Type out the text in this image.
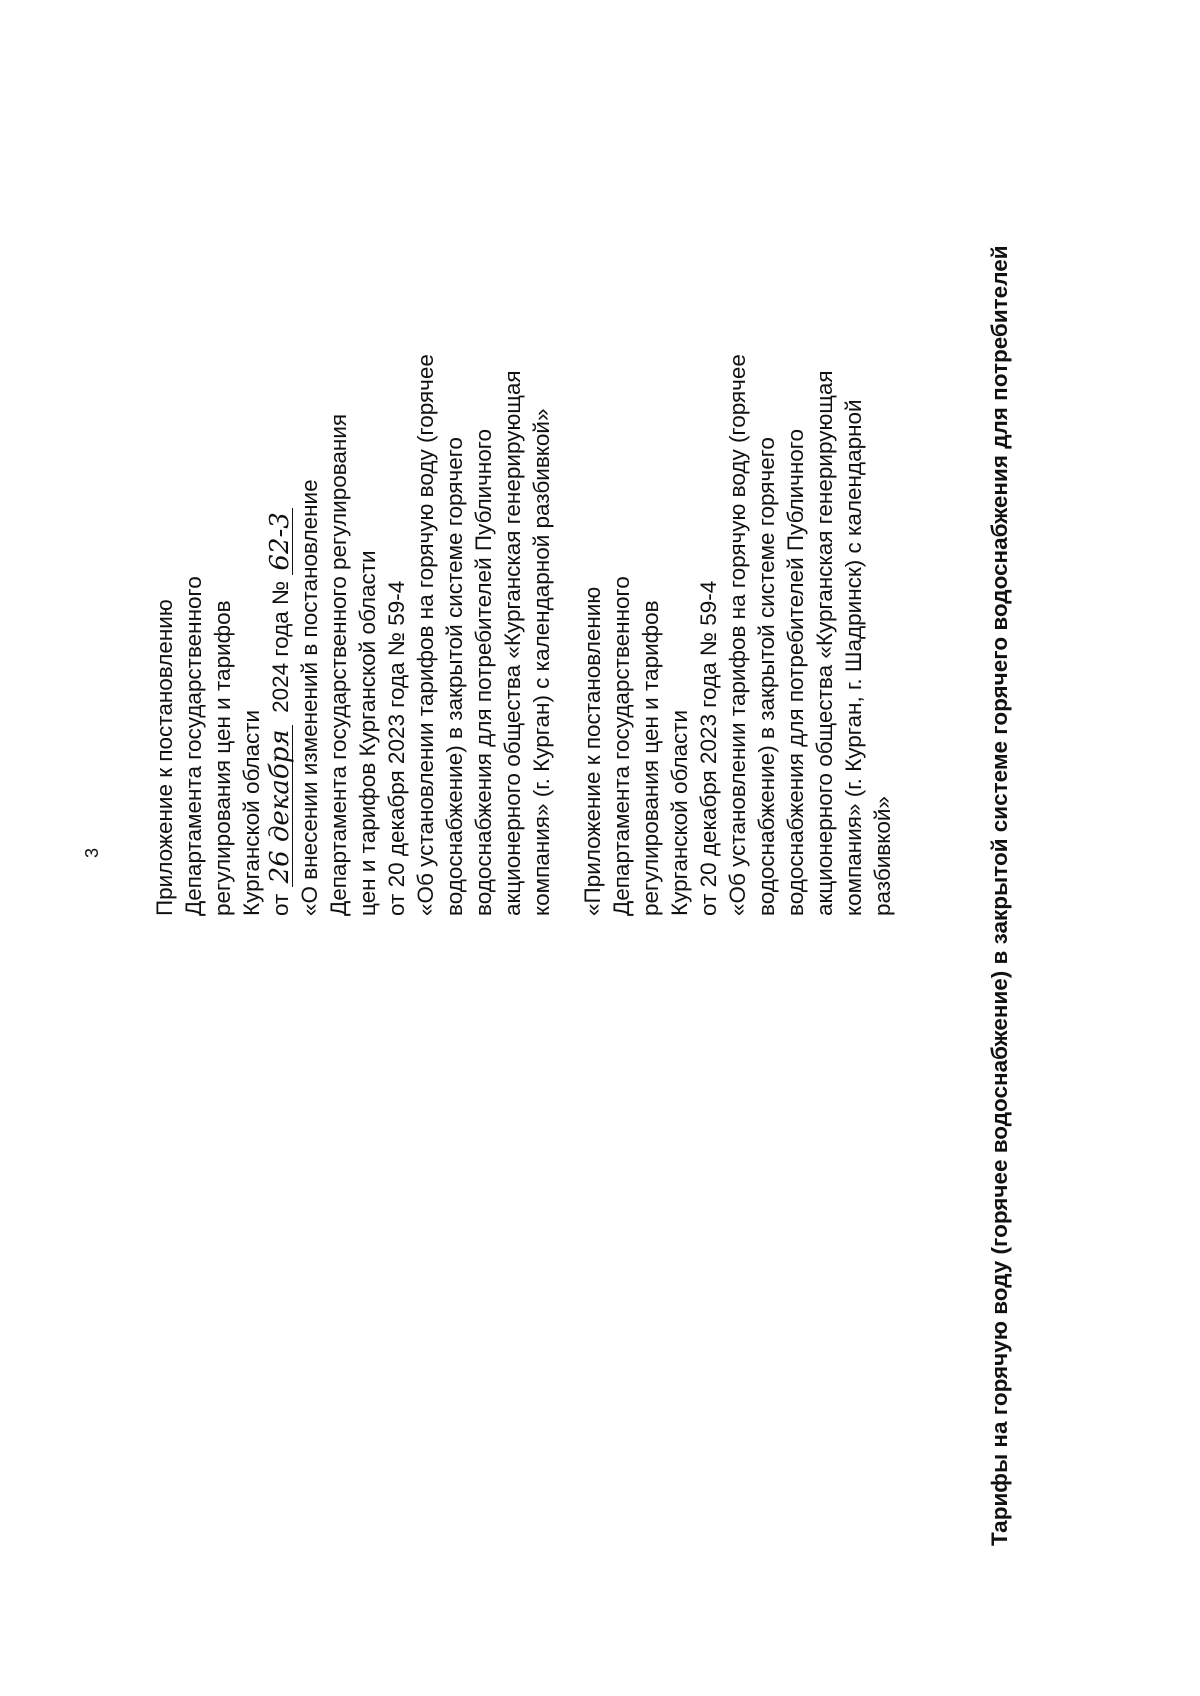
3 Приложение к постановлению Департамента государственного регулирования цен и тарифов Курганской области от 26 декабря  2024 года № 62-3 «О внесении изменений в постановление Департамента государственного регулирования цен и тарифов Курганской области от 20 декабря 2023 года № 59-4 «Об установлении тарифов на горячую воду (горячее водоснабжение) в закрытой системе горячего водоснабжения для потребителей Публичного акционерного общества «Курганская генерирующая компания» (г. Курган) с календарной разбивкой» «Приложение к постановлению Департамента государственного регулирования цен и тарифов Курганской области от 20 декабря 2023 года № 59-4 «Об установлении тарифов на горячую воду (горячее водоснабжение) в закрытой системе горячего водоснабжения для потребителей Публичного акционерного общества «Курганская генерирующая компания» (г. Курган, г. Шадринск) с календарной разбивкой»	Тарифы на горячую воду (горячее водоснабжение) в закрытой системе горячего водоснабжения для потребителей
